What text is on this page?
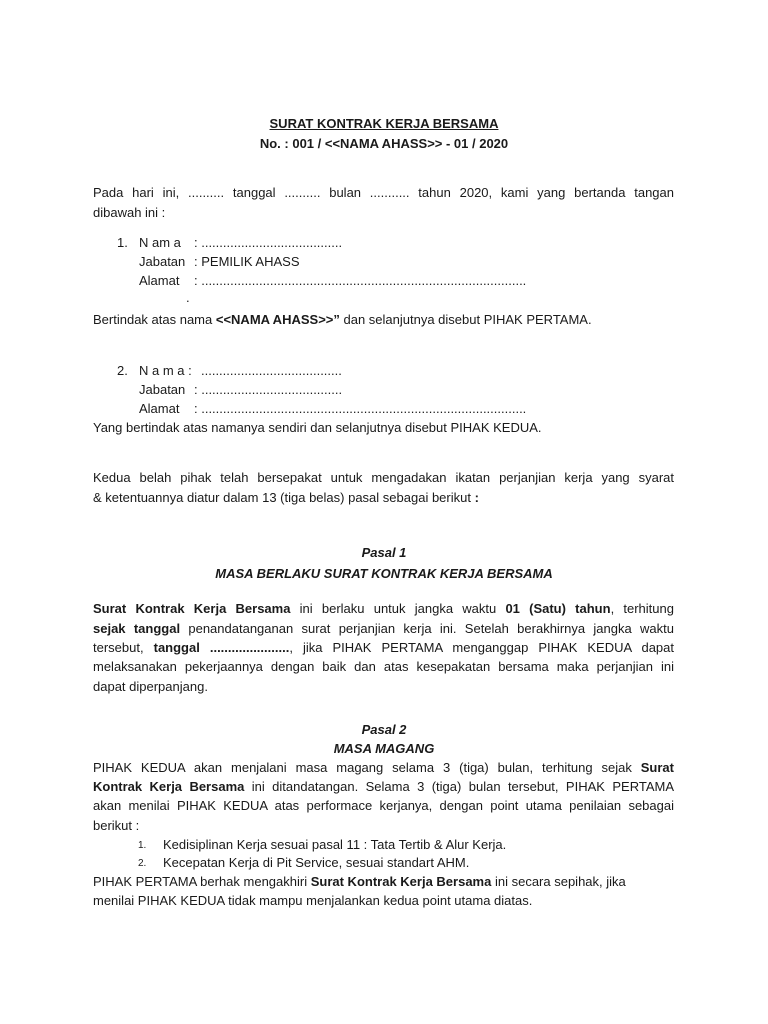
SURAT KONTRAK KERJA BERSAMA
No. : 001 / <<NAMA AHASS>> - 01 / 2020
Pada hari ini, .......... tanggal .......... bulan ........... tahun 2020, kami yang bertanda tangan
dibawah ini :
1. N am a : .......................................
Jabatan : PEMILIK AHASS
Alamat : ..........................................................................................
.
Bertindak atas nama <<NAMA AHASS>>” dan selanjutnya disebut PIHAK PERTAMA.
2. N a m a : .......................................
Jabatan : .......................................
Alamat : ..........................................................................................
Yang bertindak atas namanya sendiri dan selanjutnya disebut PIHAK KEDUA.
Kedua belah pihak telah bersepakat untuk mengadakan ikatan perjanjian kerja yang syarat
& ketentuannya diatur dalam 13 (tiga belas) pasal sebagai berikut :
Pasal 1
MASA BERLAKU SURAT KONTRAK KERJA BERSAMA
Surat Kontrak Kerja Bersama ini berlaku untuk jangka waktu 01 (Satu) tahun, terhitung
sejak tanggal penandatanganan surat perjanjian kerja ini. Setelah berakhirnya jangka waktu
tersebut, tanggal ......................, jika PIHAK PERTAMA menganggap PIHAK KEDUA dapat
melaksanakan pekerjaannya dengan baik dan atas kesepakatan bersama maka perjanjian ini
dapat diperpanjang.
Pasal 2
MASA MAGANG
PIHAK KEDUA akan menjalani masa magang selama 3 (tiga) bulan, terhitung sejak Surat
Kontrak Kerja Bersama ini ditandatangan. Selama 3 (tiga) bulan tersebut, PIHAK PERTAMA
akan menilai PIHAK KEDUA atas performace kerjanya, dengan point utama penilaian sebagai
berikut :
1. Kedisiplinan Kerja sesuai pasal 11 : Tata Tertib & Alur Kerja.
2. Kecepatan Kerja di Pit Service, sesuai standart AHM.
PIHAK PERTAMA berhak mengakhiri Surat Kontrak Kerja Bersama ini secara sepihak, jika
menilai PIHAK KEDUA tidak mampu menjalankan kedua point utama diatas.
